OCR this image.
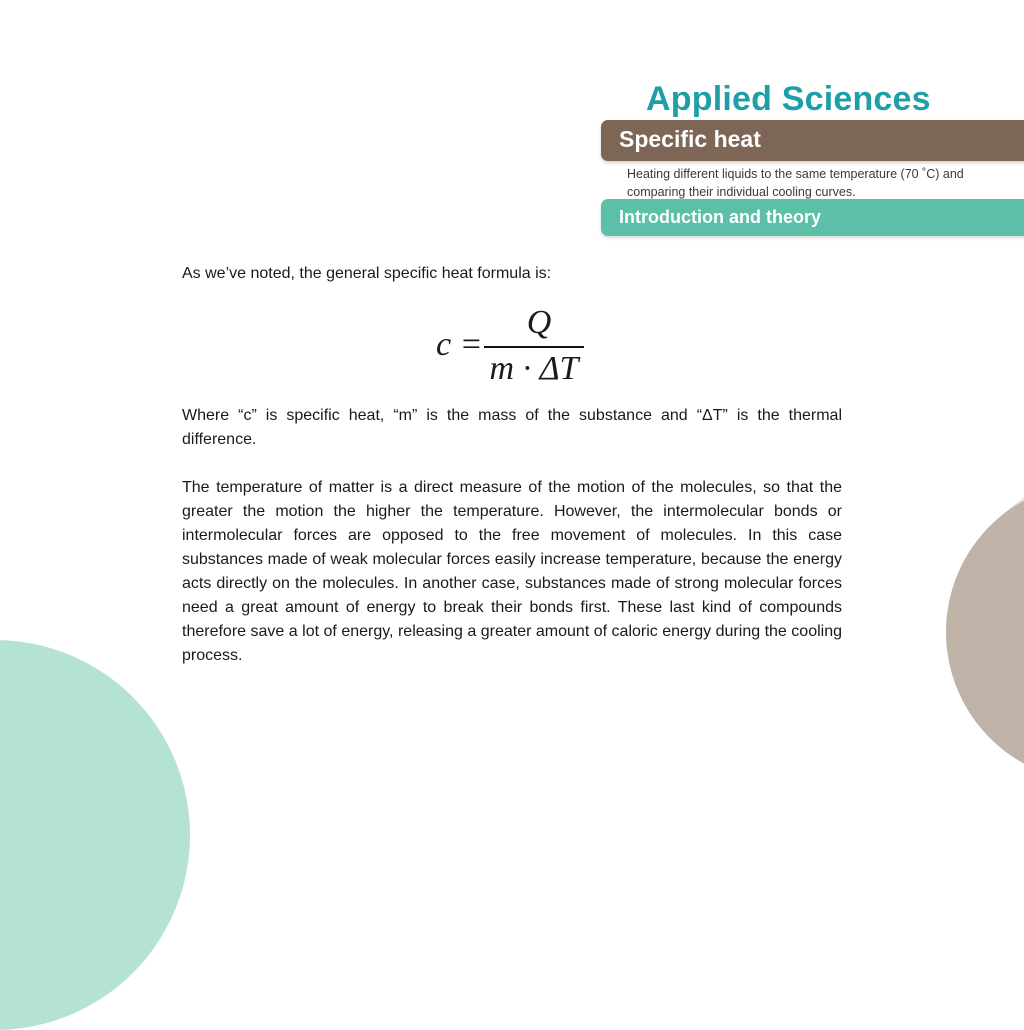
Applied Sciences
Specific heat
Heating different liquids to the same temperature (70 ˚C) and comparing their individual cooling curves.
Introduction and theory
As we’ve noted, the general specific heat formula is:
c =
Q
m · ΔT

Where “c” is specific heat, “m” is the mass of the substance and “ΔT” is the thermal difference.

The temperature of matter is a direct measure of the motion of the molecules, so that the greater the motion the higher the temperature. However, the intermolecular bonds or intermolecular forces are opposed to the free movement of molecules. In this case substances made of weak molecular forces easily increase temperature, because the energy acts directly on the molecules. In another case, substances made of strong molecular forces need a great amount of energy to break their bonds first. These last kind of compounds therefore save a lot of energy, releasing a greater amount of caloric energy during the cooling process.
